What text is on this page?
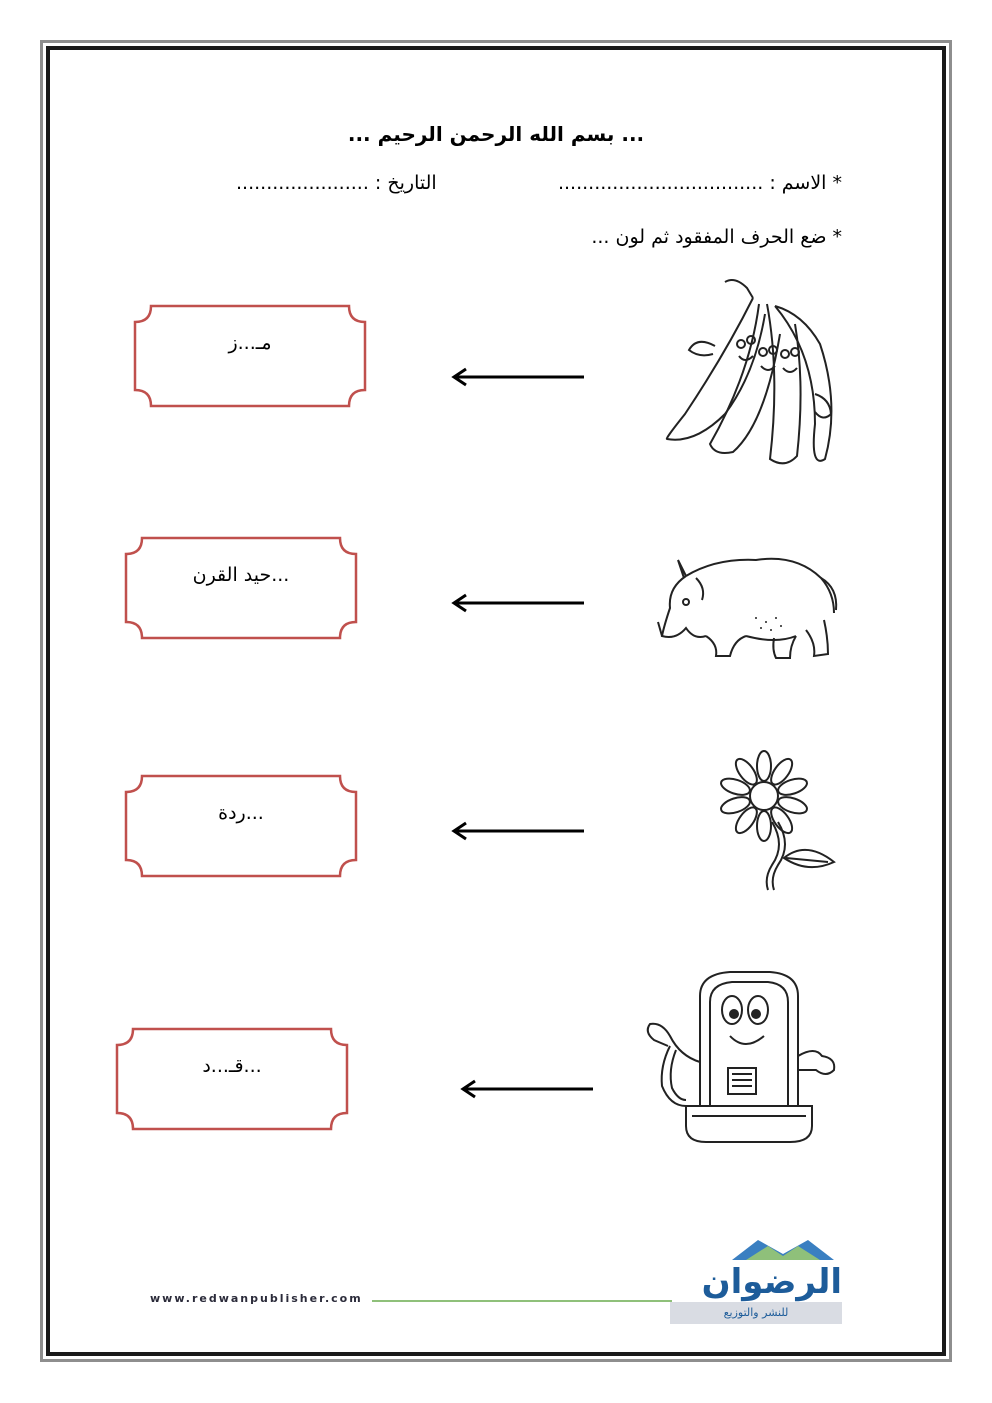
... بسم الله الرحمن الرحيم ...
* الاسم : ..................................
التاريخ : ......................
* ضع الحرف المفقود ثم لون ...
مـ...ز
...حيد القرن
...ردة
...قـ...د
www.redwanpublisher.com	الرضوان
للنشر والتوزيع
